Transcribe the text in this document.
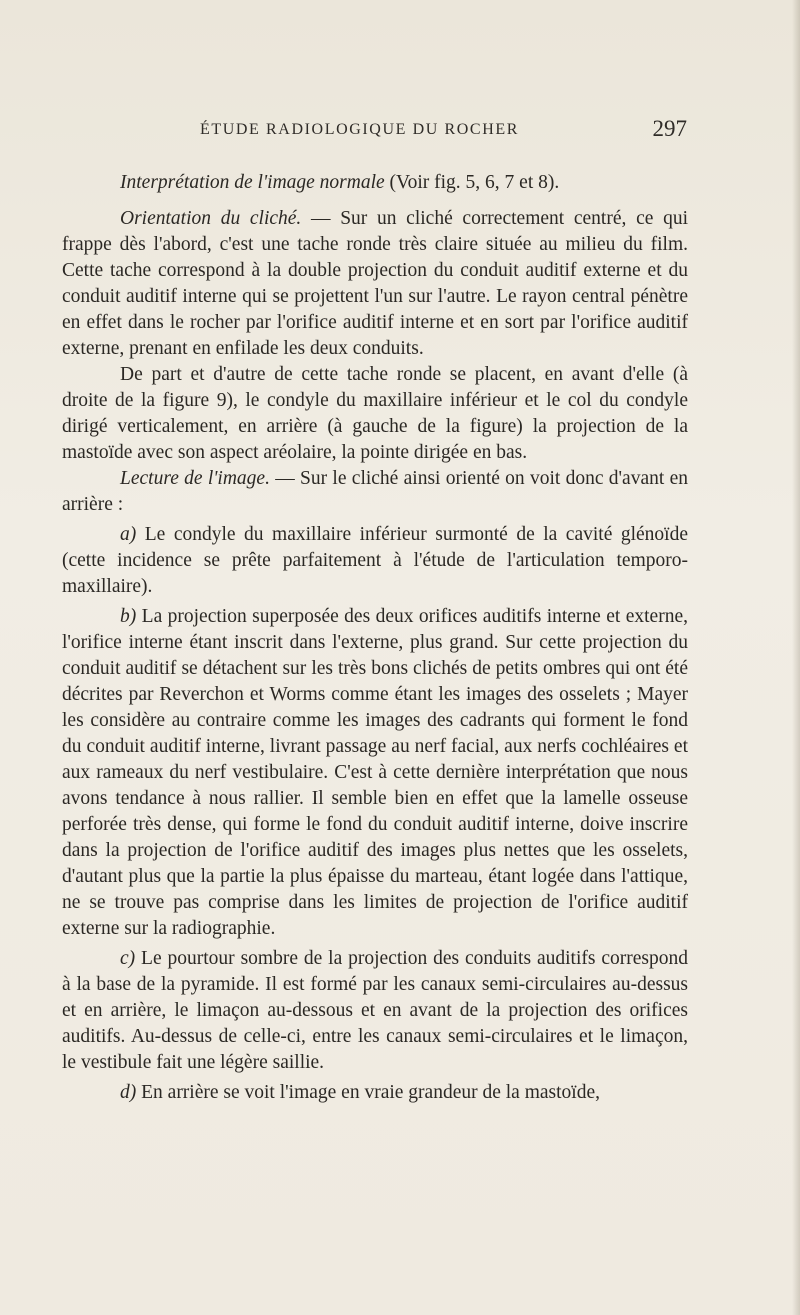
ÉTUDE RADIOLOGIQUE DU ROCHER	297

Interprétation de l'image normale (Voir fig. 5, 6, 7 et 8).

Orientation du cliché. — Sur un cliché correctement centré, ce qui frappe dès l'abord, c'est une tache ronde très claire située au milieu du film. Cette tache correspond à la double projection du conduit auditif externe et du conduit auditif interne qui se projettent l'un sur l'autre. Le rayon central pénètre en effet dans le rocher par l'orifice auditif interne et en sort par l'orifice auditif externe, prenant en enfilade les deux conduits.

De part et d'autre de cette tache ronde se placent, en avant d'elle (à droite de la figure 9), le condyle du maxillaire inférieur et le col du condyle dirigé verticalement, en arrière (à gauche de la figure) la projection de la mastoïde avec son aspect aréolaire, la pointe dirigée en bas.

Lecture de l'image. — Sur le cliché ainsi orienté on voit donc d'avant en arrière :

a) Le condyle du maxillaire inférieur surmonté de la cavité glénoïde (cette incidence se prête parfaitement à l'étude de l'articulation temporo-maxillaire).

b) La projection superposée des deux orifices auditifs interne et externe, l'orifice interne étant inscrit dans l'externe, plus grand. Sur cette projection du conduit auditif se détachent sur les très bons clichés de petits ombres qui ont été décrites par Reverchon et Worms comme étant les images des osselets ; Mayer les considère au contraire comme les images des cadrants qui forment le fond du conduit auditif interne, livrant passage au nerf facial, aux nerfs cochléaires et aux rameaux du nerf vestibulaire. C'est à cette dernière interprétation que nous avons tendance à nous rallier. Il semble bien en effet que la lamelle osseuse perforée très dense, qui forme le fond du conduit auditif interne, doive inscrire dans la projection de l'orifice auditif des images plus nettes que les osselets, d'autant plus que la partie la plus épaisse du marteau, étant logée dans l'attique, ne se trouve pas comprise dans les limites de projection de l'orifice auditif externe sur la radiographie.

c) Le pourtour sombre de la projection des conduits auditifs correspond à la base de la pyramide. Il est formé par les canaux semi-circulaires au-dessus et en arrière, le limaçon au-dessous et en avant de la projection des orifices auditifs. Au-dessus de celle-ci, entre les canaux semi-circulaires et le limaçon, le vestibule fait une légère saillie.

d) En arrière se voit l'image en vraie grandeur de la mastoïde,
